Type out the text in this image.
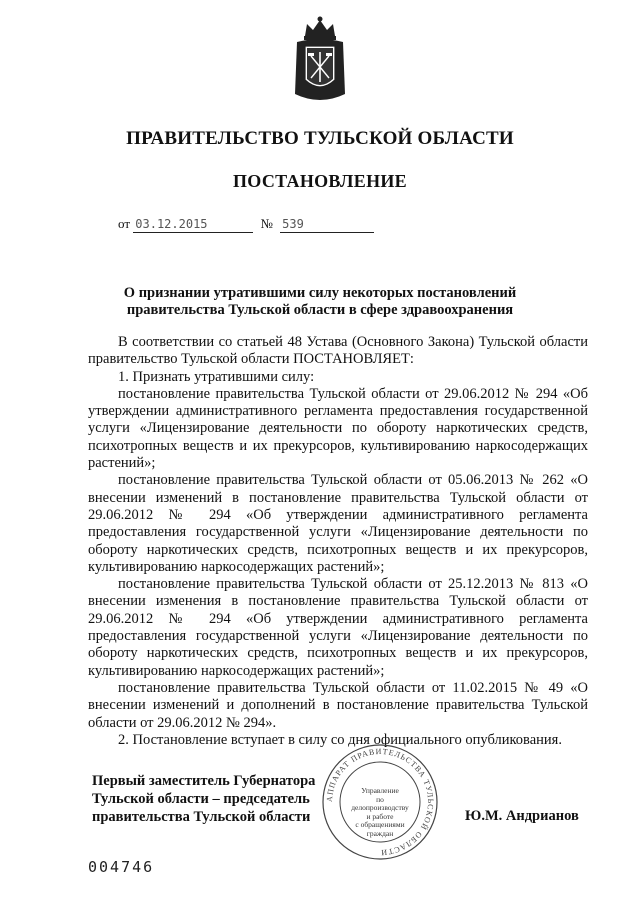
ПРАВИТЕЛЬСТВО ТУЛЬСКОЙ ОБЛАСТИ
ПОСТАНОВЛЕНИЕ
от 03.12.2015	№ 539
О признании утратившими силу некоторых постановлений
правительства Тульской области в сфере здравоохранения

В соответствии со статьей 48 Устава (Основного Закона) Тульской области правительство Тульской области ПОСТАНОВЛЯЕТ:

1. Признать утратившими силу:

постановление правительства Тульской области от 29.06.2012 № 294 «Об утверждении административного регламента предоставления государственной услуги «Лицензирование деятельности по обороту наркотических средств, психотропных веществ и их прекурсоров, культивированию наркосодержащих растений»;

постановление правительства Тульской области от 05.06.2013 № 262 «О внесении изменений в постановление правительства Тульской области от 29.06.2012 № 294 «Об утверждении административного регламента предоставления государственной услуги «Лицензирование деятельности по обороту наркотических средств, психотропных веществ и их прекурсоров, культивированию наркосодержащих растений»;

постановление правительства Тульской области от 25.12.2013 № 813 «О внесении изменения в постановление правительства Тульской области от 29.06.2012 № 294 «Об утверждении административного регламента предоставления государственной услуги «Лицензирование деятельности по обороту наркотических средств, психотропных веществ и их прекурсоров, культивированию наркосодержащих растений»;

постановление правительства Тульской области от 11.02.2015 № 49 «О внесении изменений и дополнений в постановление правительства Тульской области от 29.06.2012 № 294».

2. Постановление вступает в силу со дня официального опубликования.

Первый заместитель Губернатора
Тульской области – председатель
правительства Тульской области
АППАРАТ ПРАВИТЕЛЬСТВА ТУЛЬСКОЙ ОБЛАСТИ
Управление
по делопроизводству
и работе
с обращениями
граждан
Ю.М. Андрианов
004746
